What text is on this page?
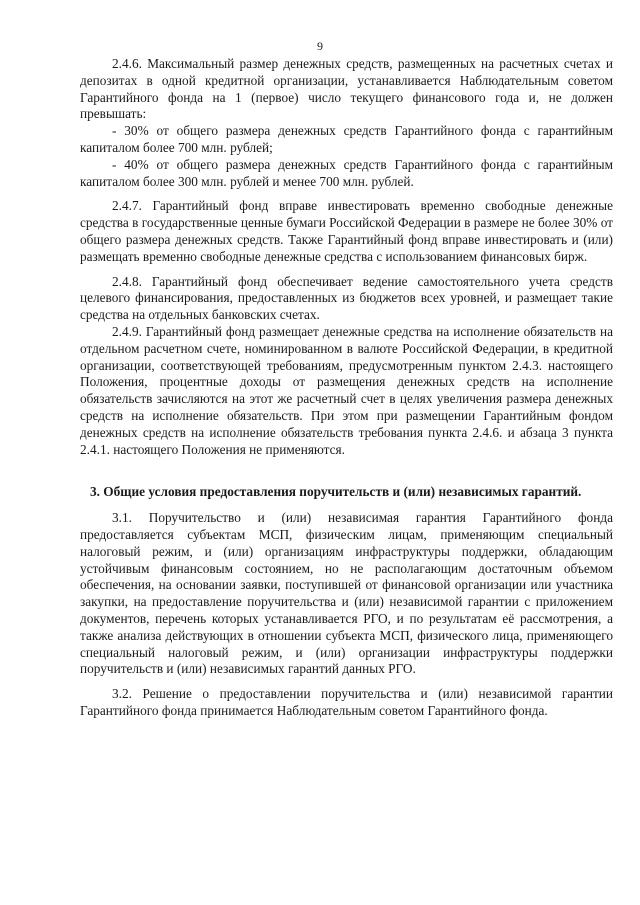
9

2.4.6. Максимальный размер денежных средств, размещенных на расчетных счетах и депозитах в одной кредитной организации, устанавливается Наблюдательным советом Гарантийного фонда на 1 (первое) число текущего финансового года и, не должен превышать:

- 30% от общего размера денежных средств Гарантийного фонда с гарантийным капиталом более 700 млн. рублей;

- 40% от общего размера денежных средств Гарантийного фонда с гарантийным капиталом более 300 млн. рублей и менее 700 млн. рублей.

2.4.7. Гарантийный фонд вправе инвестировать временно свободные денежные средства в государственные ценные бумаги Российской Федерации в размере не более 30% от общего размера денежных средств. Также Гарантийный фонд вправе инвестировать и (или) размещать временно свободные денежные средства с использованием финансовых бирж.

2.4.8. Гарантийный фонд обеспечивает ведение самостоятельного учета средств целевого финансирования, предоставленных из бюджетов всех уровней, и размещает такие средства на отдельных банковских счетах.

2.4.9. Гарантийный фонд размещает денежные средства на исполнение обязательств на отдельном расчетном счете, номинированном в валюте Российской Федерации, в кредитной организации, соответствующей требованиям, предусмотренным пунктом 2.4.3. настоящего Положения, процентные доходы от размещения денежных средств на исполнение обязательств зачисляются на этот же расчетный счет в целях увеличения размера денежных средств на исполнение обязательств. При этом при размещении Гарантийным фондом денежных средств на исполнение обязательств требования пункта 2.4.6. и абзаца 3 пункта 2.4.1. настоящего Положения не применяются.

3. Общие условия предоставления поручительств и (или) независимых гарантий.

3.1. Поручительство и (или) независимая гарантия Гарантийного фонда предоставляется субъектам МСП, физическим лицам, применяющим специальный налоговый режим, и (или) организациям инфраструктуры поддержки, обладающим устойчивым финансовым состоянием, но не располагающим достаточным объемом обеспечения, на основании заявки, поступившей от финансовой организации или участника закупки, на предоставление поручительства и (или) независимой гарантии с приложением документов, перечень которых устанавливается РГО, и по результатам её рассмотрения, а также анализа действующих в отношении субъекта МСП, физического лица, применяющего специальный налоговый режим, и (или) организации инфраструктуры поддержки поручительств и (или) независимых гарантий данных РГО.

3.2. Решение о предоставлении поручительства и (или) независимой гарантии Гарантийного фонда принимается Наблюдательным советом Гарантийного фонда.
